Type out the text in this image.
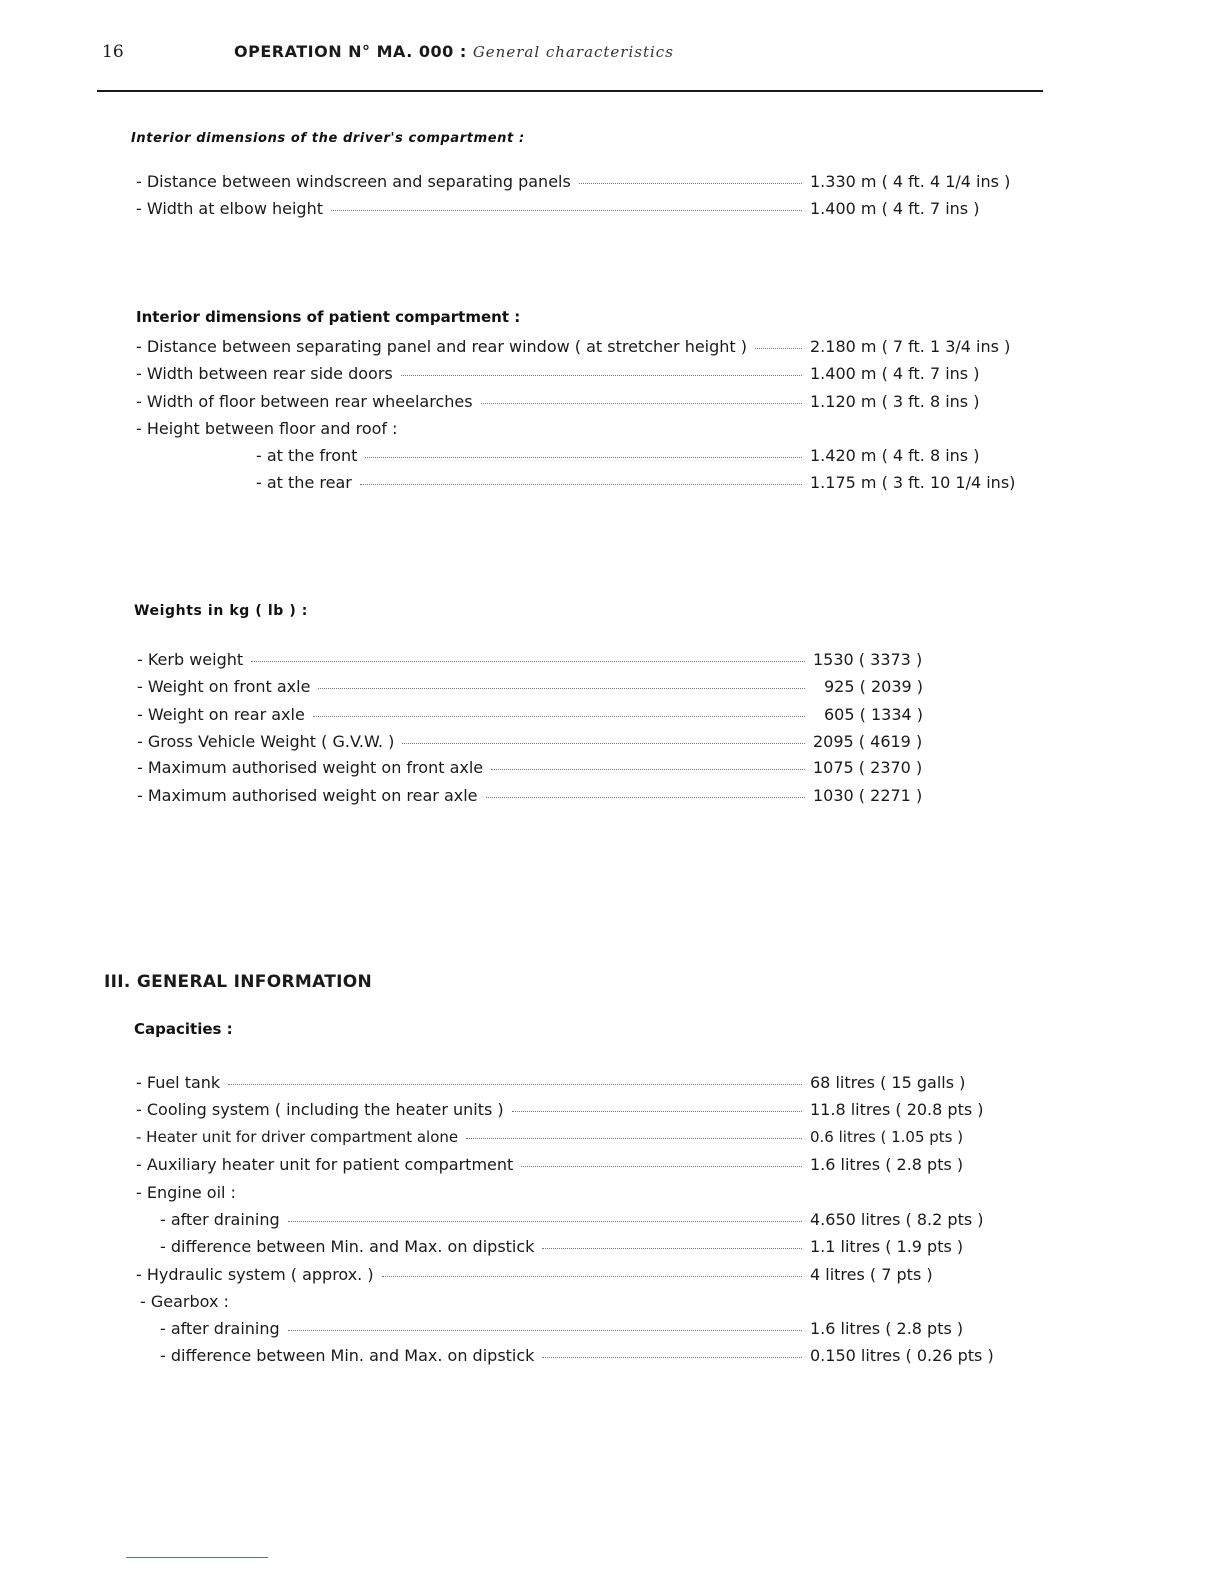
16	OPERATION N° MA. 000 : General characteristics
Interior dimensions of the driver's compartment :
- Distance between windscreen and separating panels	1.330 m ( 4 ft. 4 1/4 ins )
- Width at elbow height	1.400 m ( 4 ft. 7 ins )
Interior dimensions of patient compartment :
- Distance between separating panel and rear window ( at stretcher height )	2.180 m ( 7 ft. 1 3/4 ins )
- Width between rear side doors	1.400 m ( 4 ft. 7 ins )
- Width of floor between rear wheelarches	1.120 m ( 3 ft. 8 ins )
- Height between floor and roof :
- at the front	1.420 m ( 4 ft. 8 ins )
- at the rear	1.175 m ( 3 ft. 10 1/4 ins)
Weights in kg ( lb ) :
- Kerb weight	1530 ( 3373 )
- Weight on front axle	925 ( 2039 )
- Weight on rear axle	605 ( 1334 )
- Gross Vehicle Weight ( G.V.W. )	2095 ( 4619 )
- Maximum authorised weight on front axle	1075 ( 2370 )
- Maximum authorised weight on rear axle	1030 ( 2271 )
III. GENERAL INFORMATION
Capacities :
- Fuel tank	68 litres ( 15 galls )
- Cooling system ( including the heater units )	11.8 litres ( 20.8 pts )
- Heater unit for driver compartment alone	0.6 litres ( 1.05 pts )
- Auxiliary heater unit for patient compartment	1.6 litres ( 2.8 pts )
- Engine oil :
- after draining	4.650 litres ( 8.2 pts )
- difference between Min. and Max. on dipstick	1.1 litres ( 1.9 pts )
- Hydraulic system ( approx. )	4 litres ( 7 pts )
- Gearbox :
- after draining	1.6 litres ( 2.8 pts )
- difference between Min. and Max. on dipstick	0.150 litres ( 0.26 pts )
